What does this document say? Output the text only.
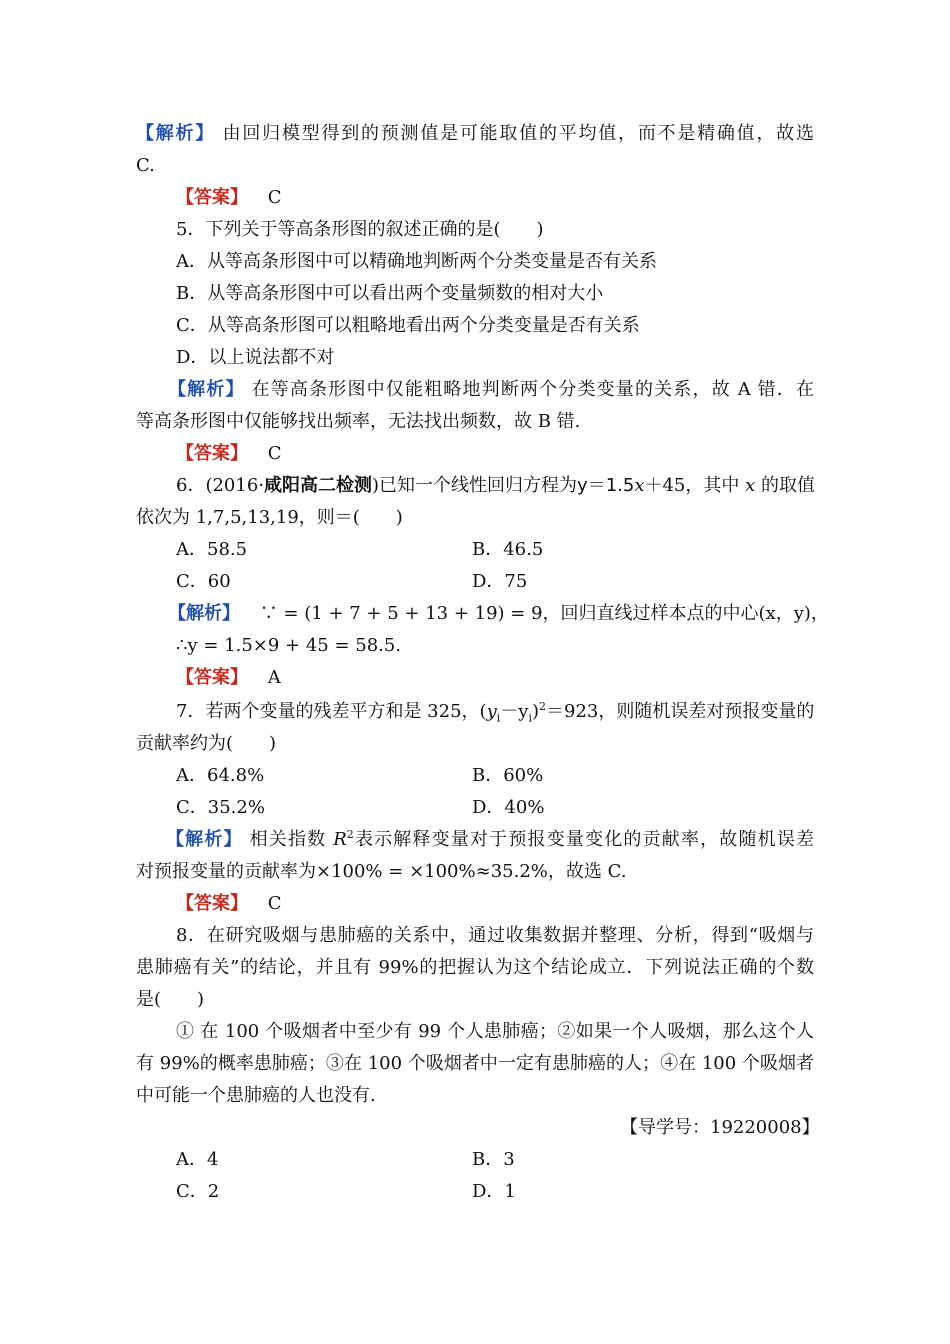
【解析】 由回归模型得到的预测值是可能取值的平均值，而不是精确值，故选
C.
【答案】 C
5．下列关于等高条形图的叙述正确的是(　　)
A．从等高条形图中可以精确地判断两个分类变量是否有关系
B．从等高条形图中可以看出两个变量频数的相对大小
C．从等高条形图可以粗略地看出两个分类变量是否有关系
D．以上说法都不对
【解析】 在等高条形图中仅能粗略地判断两个分类变量的关系，故 A 错．在
等高条形图中仅能够找出频率，无法找出频数，故 B 错.
【答案】 C
6．(2016·咸阳高二检测)已知一个线性回归方程为y＝1.5x＋45，其中 x 的取值
依次为 1,7,5,13,19，则＝(　　)
A．58.5	B．46.5
C．60	D．75
【解析】 ∵ = (1 + 7 + 5 + 13 + 19) = 9，回归直线过样本点的中心(x，y)，
∴y = 1.5×9 + 45 = 58.5.
【答案】 A
7．若两个变量的残差平方和是 325，$(y_i-y_i)^2=923$，则随机误差对预报变量的
贡献率约为(　　)
A．64.8%	B．60%
C．35.2%	D．40%
【解析】 相关指数 $R^2$表示解释变量对于预报变量变化的贡献率，故随机误差
对预报变量的贡献率为×100% = ×100%≈35.2%，故选 C.
【答案】 C
8．在研究吸烟与患肺癌的关系中，通过收集数据并整理、分析，得到“吸烟与
患肺癌有关”的结论，并且有 99%的把握认为这个结论成立．下列说法正确的个数
是(　　)
① 在 100 个吸烟者中至少有 99 个人患肺癌；②如果一个人吸烟，那么这个人
有 99%的概率患肺癌；③在 100 个吸烟者中一定有患肺癌的人；④在 100 个吸烟者
中可能一个患肺癌的人也没有.
【导学号：19220008】
A．4	B．3
C．2	D．1
